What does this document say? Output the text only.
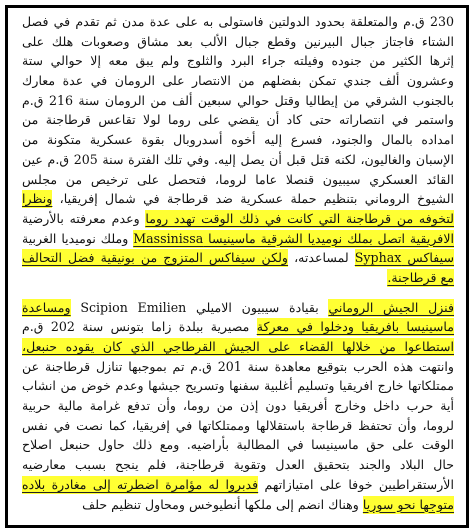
230 ق.م والمتعلقة بحدود الدولتين فاستولى به على عدة مدن ثم تقدم في فصل
الشتاء فاجتاز جبال البيرنين وقطع جبال الألب بعد مشاق وصعوبات هلك على
إثرها الكثير من جنوده وفيلته جراء البرد والثلوج ولم يبق معه إلا حوالي ستة
وعشرون ألف جندي تمكن بفضلهم من الانتصار على الرومان في عدة معارك
بالجنوب الشرقي من إيطاليا وقتل حوالي سبعين ألف من الرومان سنة 216 ق.م
واستمر في انتصاراته حتى كاد أن يقضي على روما لولا تقاعس قرطاجنة من
امداده بالمال والجنود، فسرع إليه أخوه أسدروبال بقوة عسكرية متكونة من
الإسبان والغاليون، لكنه قتل قبل أن يصل إليه. وفي تلك الفترة سنة 205 ق.م عين
القائد العسكري سيبيون قنصلا عاما لروما، فتحصل على ترخيص من مجلس
الشيوخ الروماني بتنظيم حملة عسكرية ضد قرطاجة في شمال إفريقيا، ونظرا
لتخوفه من قرطاجنة التي كانت في ذلك الوقت تهدد روما وعدم معرفته بالأرضية
الافريقية اتصل بملك نوميديا الشرقية ماسينيسا Massinissa وملك نوميديا الغربية
سيفاكس Syphax لمساعدته، ولكن سيفاكس المتزوج من بونيقية فضل التحالف
مع قرطاجنة.
فنزل الجيش الروماني بقيادة سيبيون الاميلي Scipion Emilien ومساعدة
ماسينيسا بافريقيا ودخلوا في معركة مصيرية ببلدة زاما بتونس سنة 202 ق.م
استطاعوا من خلالها القضاء على الجيش القرطاجي الذي كان يقوده حنبعل،
وانتهت هذه الحرب بتوقيع معاهدة سنة 201 ق.م تم بموجبها تنازل قرطاجنة عن
ممتلكاتها خارج افريقيا وتسليم أغلبية سفنها وتسريح جيشها وعدم خوض من انشاب
أية حرب داخل وخارج أفريقيا دون إذن من روما، وأن تدفع غرامة مالية حربية
لروما، وأن تحتفظ قرطاجة باستقلالها وممتلكاتها في إفريقيا، كما نصت في نفس
الوقت على حق ماسينيسا في المطالبة بأراضيه. ومع ذلك حاول حنبعل اصلاح
حال البلاد والجند بتحقيق العدل وتقوية قرطاجنة، فلم ينجح بسبب معارضيه
الأرستقراطيين خوفا على امتيازاتهم فدبروا له مؤامرة اضطرته إلى مغادرة بلاده
متوجها نحو سوريا وهناك انضم إلى ملكها أنطيوخس ومحاول تنظيم حلف
